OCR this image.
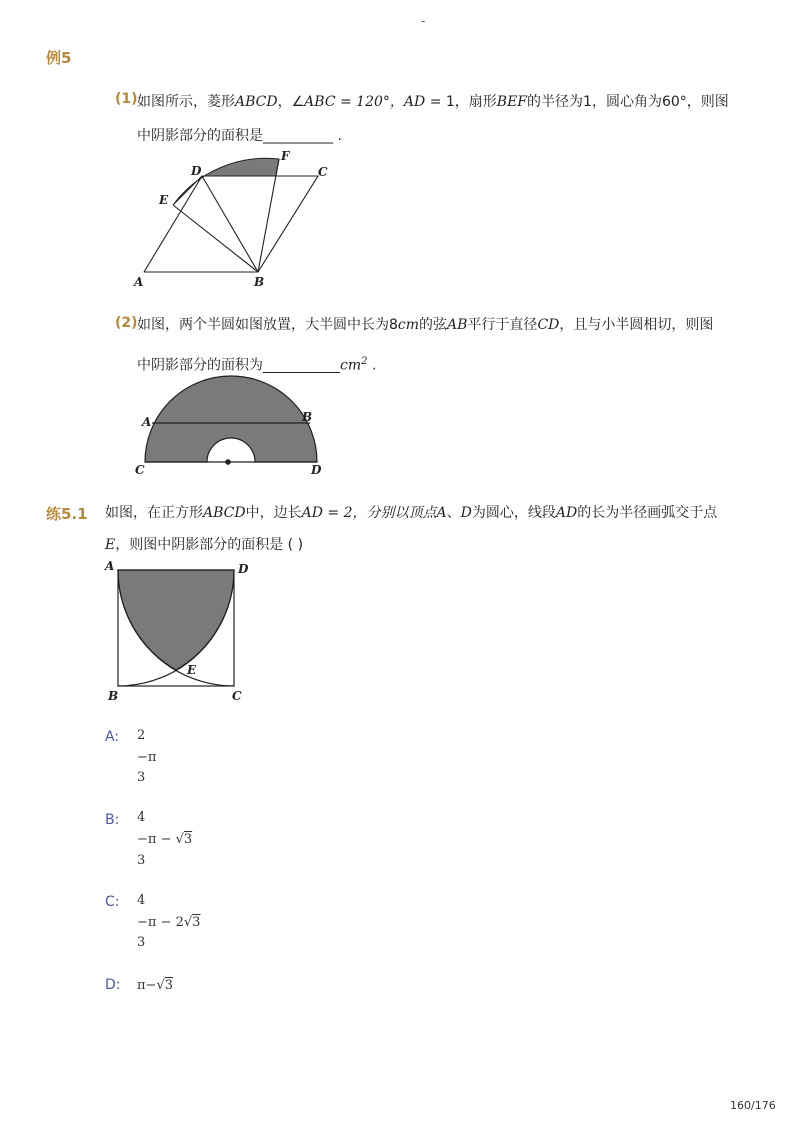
-
例5
(1) 如图所示，菱形ABCD，∠ABC = 120°，AD = 1，扇形BEF的半径为1，圆心角为60°，则图
中阴影部分的面积是__________ .
A	B
C
D
E
F
(2) 如图，两个半圆如图放置，大半圆中长为8cm的弦AB平行于直径CD，且与小半圆相切，则图
中阴影部分的面积为$\_\_\_\_\_\_\_\_\_\_\_cm^2$ .
A	B
C	D
练5.1 如图，在正方形ABCD中，边长AD = 2，分别以顶点A、D为圆心，线段AD的长为半径画弧交于点
E，则图中阴影部分的面积是 ( )
A	D
B	C
E
A: 2
−π
3
B: 4
−π − √3
3
C: 4
−π − 2√3
3
D: π−√3
160/176
